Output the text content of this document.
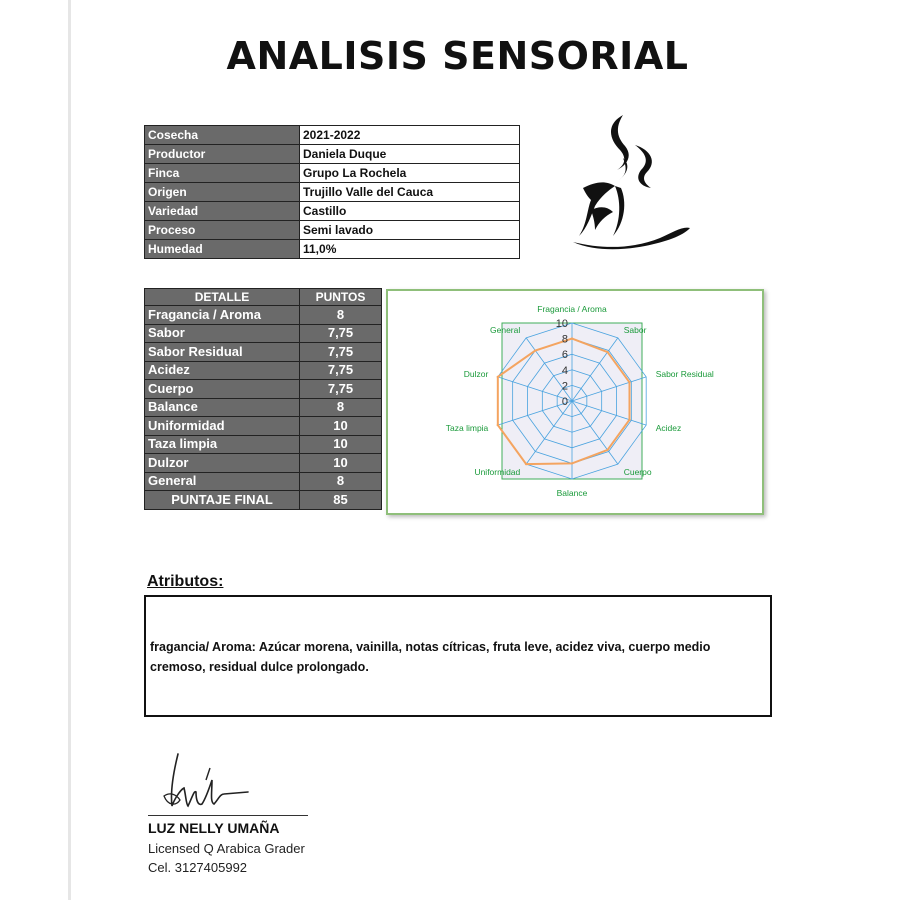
ANALISIS SENSORIAL
Cosecha	2021-2022
Productor	Daniela Duque
Finca	Grupo La Rochela
Origen	Trujillo Valle del Cauca
Variedad	Castillo
Proceso	Semi lavado
Humedad	11,0%
DETALLE	PUNTOS
Fragancia / Aroma	8
Sabor	7,75
Sabor Residual	7,75
Acidez	7,75
Cuerpo	7,75
Balance	8
Uniformidad	10
Taza limpia	10
Dulzor	10
General	8
PUNTAJE FINAL	85
0
2
4
6
8
10
Fragancia / Aroma
Sabor
Sabor Residual
Acidez
Cuerpo
Balance
Uniformidad
Taza limpia
Dulzor
General
Atributos:
fragancia/ Aroma: Azúcar morena, vainilla, notas cítricas, fruta leve, acidez viva, cuerpo medio cremoso, residual dulce prolongado.
LUZ NELLY UMAÑA
Licensed Q Arabica Grader
Cel. 3127405992
